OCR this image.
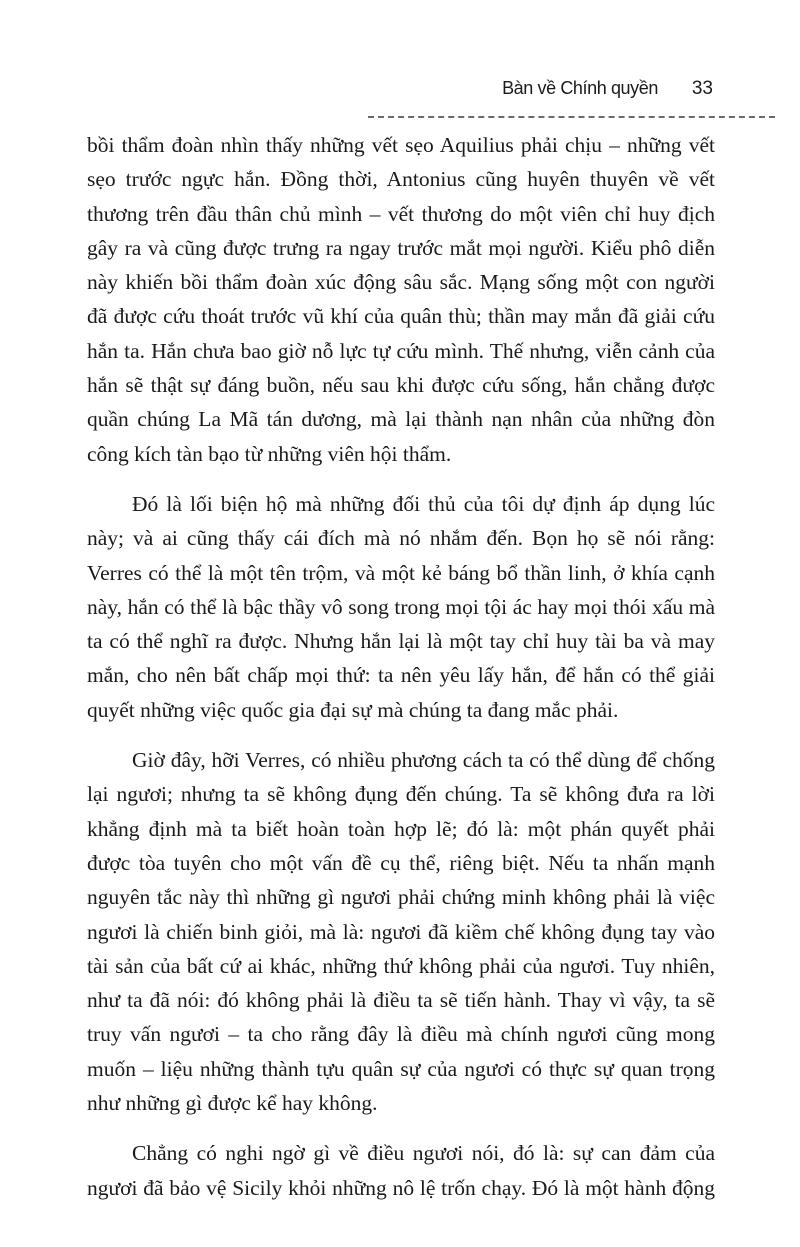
Bàn về Chính quyền 33

bồi thẩm đoàn nhìn thấy những vết sẹo Aquilius phải chịu – những vết
sẹo trước ngực hắn. Đồng thời, Antonius cũng huyên thuyên về vết
thương trên đầu thân chủ mình – vết thương do một viên chỉ huy địch
gây ra và cũng được trưng ra ngay trước mắt mọi người. Kiểu phô diễn
này khiến bồi thẩm đoàn xúc động sâu sắc. Mạng sống một con người
đã được cứu thoát trước vũ khí của quân thù; thần may mắn đã giải cứu
hắn ta. Hắn chưa bao giờ nỗ lực tự cứu mình. Thế nhưng, viễn cảnh của
hắn sẽ thật sự đáng buồn, nếu sau khi được cứu sống, hắn chẳng được
quần chúng La Mã tán dương, mà lại thành nạn nhân của những đòn
công kích tàn bạo từ những viên hội thẩm.

Đó là lối biện hộ mà những đối thủ của tôi dự định áp dụng lúc
này; và ai cũng thấy cái đích mà nó nhắm đến. Bọn họ sẽ nói rằng:
Verres có thể là một tên trộm, và một kẻ báng bổ thần linh, ở khía cạnh
này, hắn có thể là bậc thầy vô song trong mọi tội ác hay mọi thói xấu mà
ta có thể nghĩ ra được. Nhưng hắn lại là một tay chỉ huy tài ba và may
mắn, cho nên bất chấp mọi thứ: ta nên yêu lấy hắn, để hắn có thể giải
quyết những việc quốc gia đại sự mà chúng ta đang mắc phải.

Giờ đây, hỡi Verres, có nhiều phương cách ta có thể dùng để chống
lại ngươi; nhưng ta sẽ không đụng đến chúng. Ta sẽ không đưa ra lời
khẳng định mà ta biết hoàn toàn hợp lẽ; đó là: một phán quyết phải
được tòa tuyên cho một vấn đề cụ thể, riêng biệt. Nếu ta nhấn mạnh
nguyên tắc này thì những gì ngươi phải chứng minh không phải là việc
ngươi là chiến binh giỏi, mà là: ngươi đã kiềm chế không đụng tay vào
tài sản của bất cứ ai khác, những thứ không phải của ngươi. Tuy nhiên,
như ta đã nói: đó không phải là điều ta sẽ tiến hành. Thay vì vậy, ta sẽ
truy vấn ngươi – ta cho rằng đây là điều mà chính ngươi cũng mong
muốn – liệu những thành tựu quân sự của ngươi có thực sự quan trọng
như những gì được kể hay không.

Chẳng có nghi ngờ gì về điều ngươi nói, đó là: sự can đảm của
ngươi đã bảo vệ Sicily khỏi những nô lệ trốn chạy. Đó là một hành động
